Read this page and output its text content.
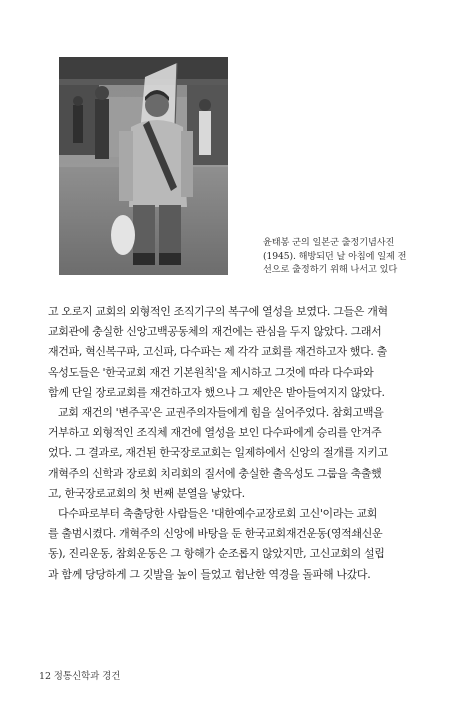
윤태봉 군의 일본군 출정기념사진
(1945). 해방되던 날 아침에 일제 전
선으로 출정하기 위해 나서고 있다
고 오로지 교회의 외형적인 조직기구의 복구에 열성을 보였다. 그들은 개혁
교회관에 충실한 신앙고백공동체의 재건에는 관심을 두지 않았다. 그래서
재건파, 혁신복구파, 고신파, 다수파는 제 각각 교회를 재건하고자 했다. 출
옥성도들은 '한국교회 재건 기본원칙'을 제시하고 그것에 따라 다수파와
함께 단일 장로교회를 재건하고자 했으나 그 제안은 받아들여지지 않았다.
교회 재건의 '변주곡'은 교권주의자들에게 힘을 실어주었다. 참회고백을
거부하고 외형적인 조직체 재건에 열성을 보인 다수파에게 승리를 안겨주
었다. 그 결과로, 재건된 한국장로교회는 일제하에서 신앙의 절개를 지키고
개혁주의 신학과 장로회 치리회의 질서에 충실한 출옥성도 그룹을 축출했
고, 한국장로교회의 첫 번째 분열을 낳았다.
다수파로부터 축출당한 사람들은 '대한예수교장로회 고신'이라는 교회
를 출범시켰다. 개혁주의 신앙에 바탕을 둔 한국교회재건운동(영적쇄신운
동), 진리운동, 참회운동은 그 항해가 순조롭지 않았지만, 고신교회의 설립
과 함께 당당하게 그 깃발을 높이 들었고 험난한 역경을 돌파해 나갔다.
12 정통신학과 경건
